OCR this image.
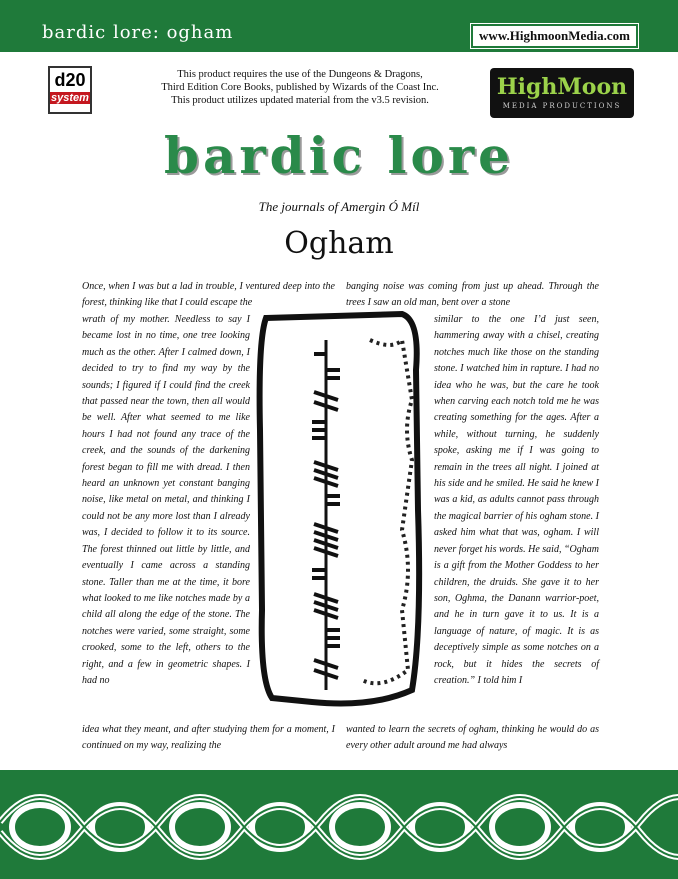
bardic lore: ogham	www.HighmoonMedia.com
d20
system
This product requires the use of the Dungeons & Dragons,
Third Edition Core Books, published by Wizards of the Coast Inc.
This product utilizes updated material from the v3.5 revision.
HighMoon
MEDIA PRODUCTIONS
bardic lore
The journals of Amergin Ó Míl
Ogham

Once, when I was but a lad in trouble, I ventured deep into the forest, thinking like that I could escape the

wrath of my mother. Needless to say I became lost in no time, one tree looking much as the other. After I calmed down, I decided to try to find my way by the sounds; I figured if I could find the creek that passed near the town, then all would be well. After what seemed to me like hours I had not found any trace of the creek, and the sounds of the darkening forest began to fill me with dread. I then heard an unknown yet constant banging noise, like metal on metal, and thinking I could not be any more lost than I already was, I decided to follow it to its source. The forest thinned out little by little, and eventually I came across a standing stone. Taller than me at the time, it bore what looked to me like notches made by a child all along the edge of the stone. The notches were varied, some straight, some crooked, some to the left, others to the right, and a few in geometric shapes. I had no

idea what they meant, and after studying them for a moment, I continued on my way, realizing the

banging noise was coming from just up ahead. Through the trees I saw an old man, bent over a stone

similar to the one I’d just seen, hammering away with a chisel, creating notches much like those on the standing stone. I watched him in rapture. I had no idea who he was, but the care he took when carving each notch told me he was creating something for the ages. After a while, without turning, he suddenly spoke, asking me if I was going to remain in the trees all night. I joined at his side and he smiled. He said he knew I was a kid, as adults cannot pass through the magical barrier of his ogham stone. I asked him what that was, ogham. I will never forget his words. He said, “Ogham is a gift from the Mother Goddess to her children, the druids. She gave it to her son, Oghma, the Danann warrior-poet, and he in turn gave it to us. It is a language of nature, of magic. It is as deceptively simple as some notches on a rock, but it hides the secrets of creation.” I told him I

wanted to learn the secrets of ogham, thinking he would do as every other adult around me had always
